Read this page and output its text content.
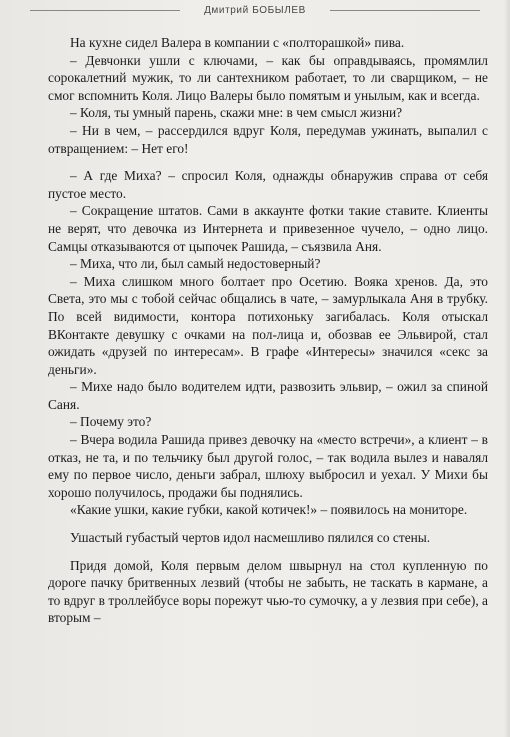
Дмитрий БОБЫЛЕВ

На кухне сидел Валера в компании с «полторашкой» пива.

– Девчонки ушли с ключами, – как бы оправдываясь, промямлил сорокалетний мужик, то ли сантехником работает, то ли сварщиком, – не смог вспомнить Коля. Лицо Валеры было помятым и унылым, как и всегда.

– Коля, ты умный парень, скажи мне: в чем смысл жизни?

– Ни в чем, – рассердился вдруг Коля, передумав ужинать, выпалил с отвращением: – Нет его!

– А где Миха? – спросил Коля, однажды обнаружив справа от себя пустое место.

– Сокращение штатов. Сами в аккаунте фотки такие ставите. Клиенты не верят, что девочка из Интернета и привезенное чучело, – одно лицо. Самцы отказываются от цыпочек Рашида, – съязвила Аня.

– Миха, что ли, был самый недостоверный?

– Миха слишком много болтает про Осетию. Вояка хренов. Да, это Света, это мы с тобой сейчас общались в чате, – замурлыкала Аня в трубку. По всей видимости, контора потихоньку загибалась. Коля отыскал ВКонтакте девушку с очками на пол-лица и, обозвав ее Эльвирой, стал ожидать «друзей по интересам». В графе «Интересы» значился «секс за деньги».

– Михе надо было водителем идти, развозить эльвир, – ожил за спиной Саня.

– Почему это?

– Вчера водила Рашида привез девочку на «место встречи», а клиент – в отказ, не та, и по тельчику был другой голос, – так водила вылез и навалял ему по первое число, деньги забрал, шлюху выбросил и уехал. У Михи бы хорошо получилось, продажи бы поднялись.

«Какие ушки, какие губки, какой котичек!» – появилось на мониторе.

Ушастый губастый чертов идол насмешливо пялился со стены.

Придя домой, Коля первым делом швырнул на стол купленную по дороге пачку бритвенных лезвий (чтобы не забыть, не таскать в кармане, а то вдруг в троллейбусе воры порежут чью-то сумочку, а у лезвия при себе), а вторым –
